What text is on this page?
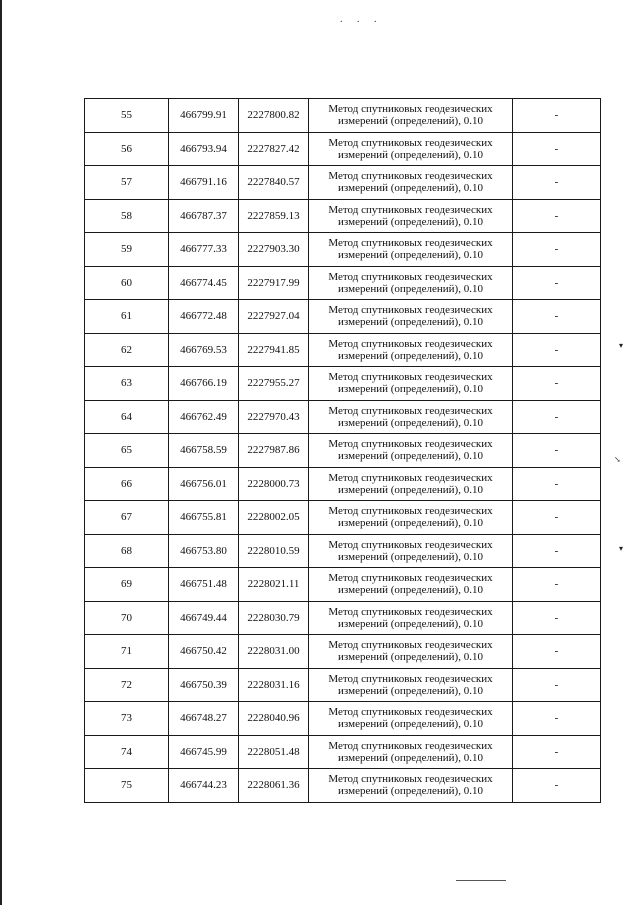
. . .
55	466799.91	2227800.82	Метод спутниковых геодезических
измерений (определений), 0.10	-
56	466793.94	2227827.42	Метод спутниковых геодезических
измерений (определений), 0.10	-
57	466791.16	2227840.57	Метод спутниковых геодезических
измерений (определений), 0.10	-
58	466787.37	2227859.13	Метод спутниковых геодезических
измерений (определений), 0.10	-
59	466777.33	2227903.30	Метод спутниковых геодезических
измерений (определений), 0.10	-
60	466774.45	2227917.99	Метод спутниковых геодезических
измерений (определений), 0.10	-
61	466772.48	2227927.04	Метод спутниковых геодезических
измерений (определений), 0.10	-
62	466769.53	2227941.85	Метод спутниковых геодезических
измерений (определений), 0.10	-
63	466766.19	2227955.27	Метод спутниковых геодезических
измерений (определений), 0.10	-
64	466762.49	2227970.43	Метод спутниковых геодезических
измерений (определений), 0.10	-
65	466758.59	2227987.86	Метод спутниковых геодезических
измерений (определений), 0.10	-
66	466756.01	2228000.73	Метод спутниковых геодезических
измерений (определений), 0.10	-
67	466755.81	2228002.05	Метод спутниковых геодезических
измерений (определений), 0.10	-
68	466753.80	2228010.59	Метод спутниковых геодезических
измерений (определений), 0.10	-
69	466751.48	2228021.11	Метод спутниковых геодезических
измерений (определений), 0.10	-
70	466749.44	2228030.79	Метод спутниковых геодезических
измерений (определений), 0.10	-
71	466750.42	2228031.00	Метод спутниковых геодезических
измерений (определений), 0.10	-
72	466750.39	2228031.16	Метод спутниковых геодезических
измерений (определений), 0.10	-
73	466748.27	2228040.96	Метод спутниковых геодезических
измерений (определений), 0.10	-
74	466745.99	2228051.48	Метод спутниковых геодезических
измерений (определений), 0.10	-
75	466744.23	2228061.36	Метод спутниковых геодезических
измерений (определений), 0.10	-
▾
↘
▾
